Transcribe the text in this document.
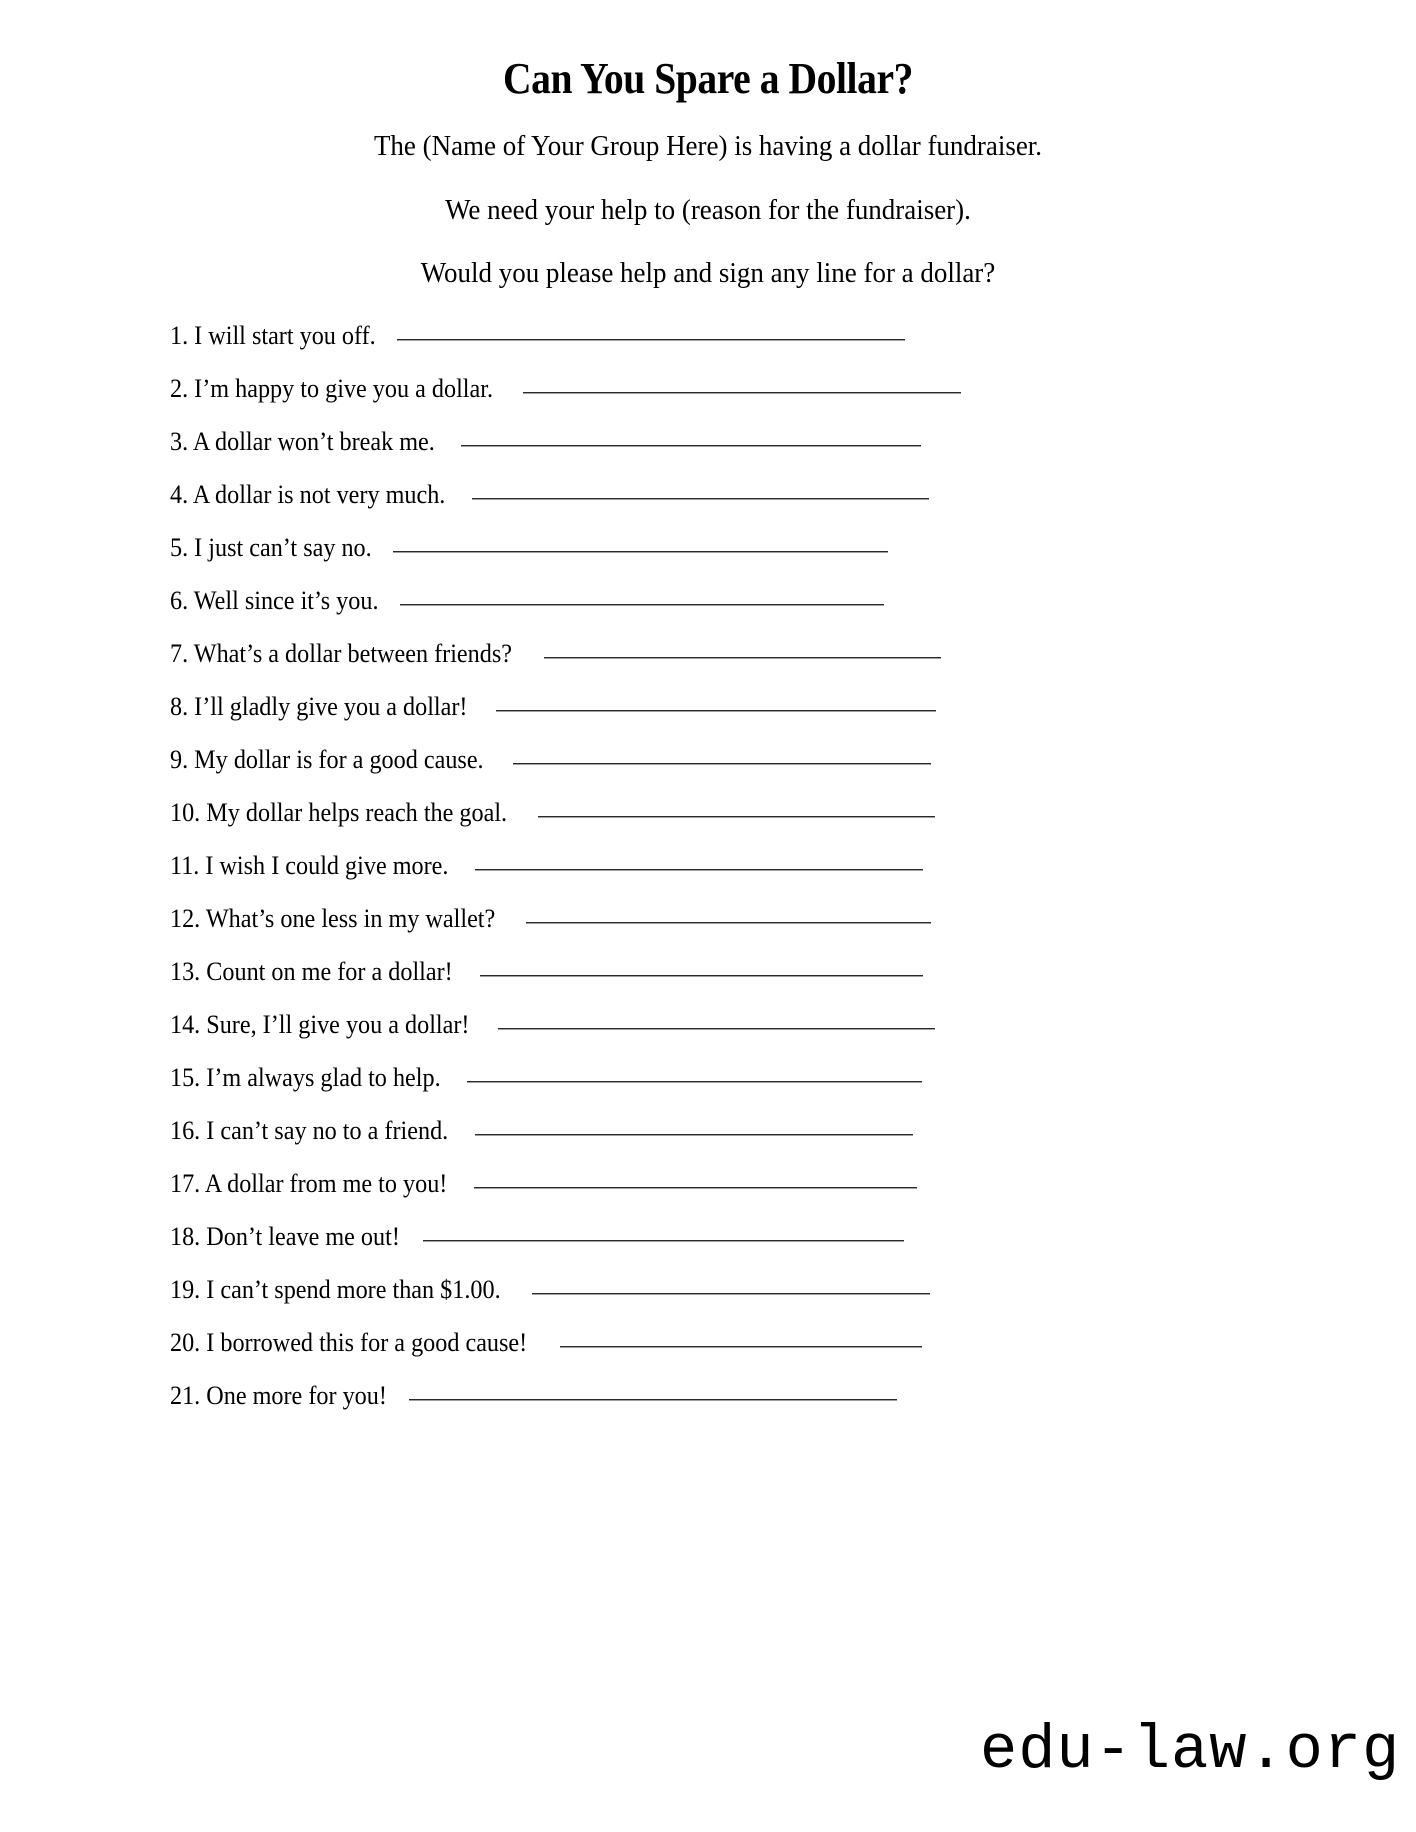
Can You Spare a Dollar?

The (Name of Your Group Here) is having a dollar fundraiser.

We need your help to (reason for the fundraiser).

Would you please help and sign any line for a dollar?

1. I will start you off.
2. I’m happy to give you a dollar.
3. A dollar won’t break me.
4. A dollar is not very much.
5. I just can’t say no.
6. Well since it’s you.
7. What’s a dollar between friends?
8. I’ll gladly give you a dollar!
9. My dollar is for a good cause.
10. My dollar helps reach the goal.
11. I wish I could give more.
12. What’s one less in my wallet?
13. Count on me for a dollar!
14. Sure, I’ll give you a dollar!
15. I’m always glad to help.
16. I can’t say no to a friend.
17. A dollar from me to you!
18. Don’t leave me out!
19. I can’t spend more than $1.00.
20. I borrowed this for a good cause!
21. One more for you!
edu-law.org
